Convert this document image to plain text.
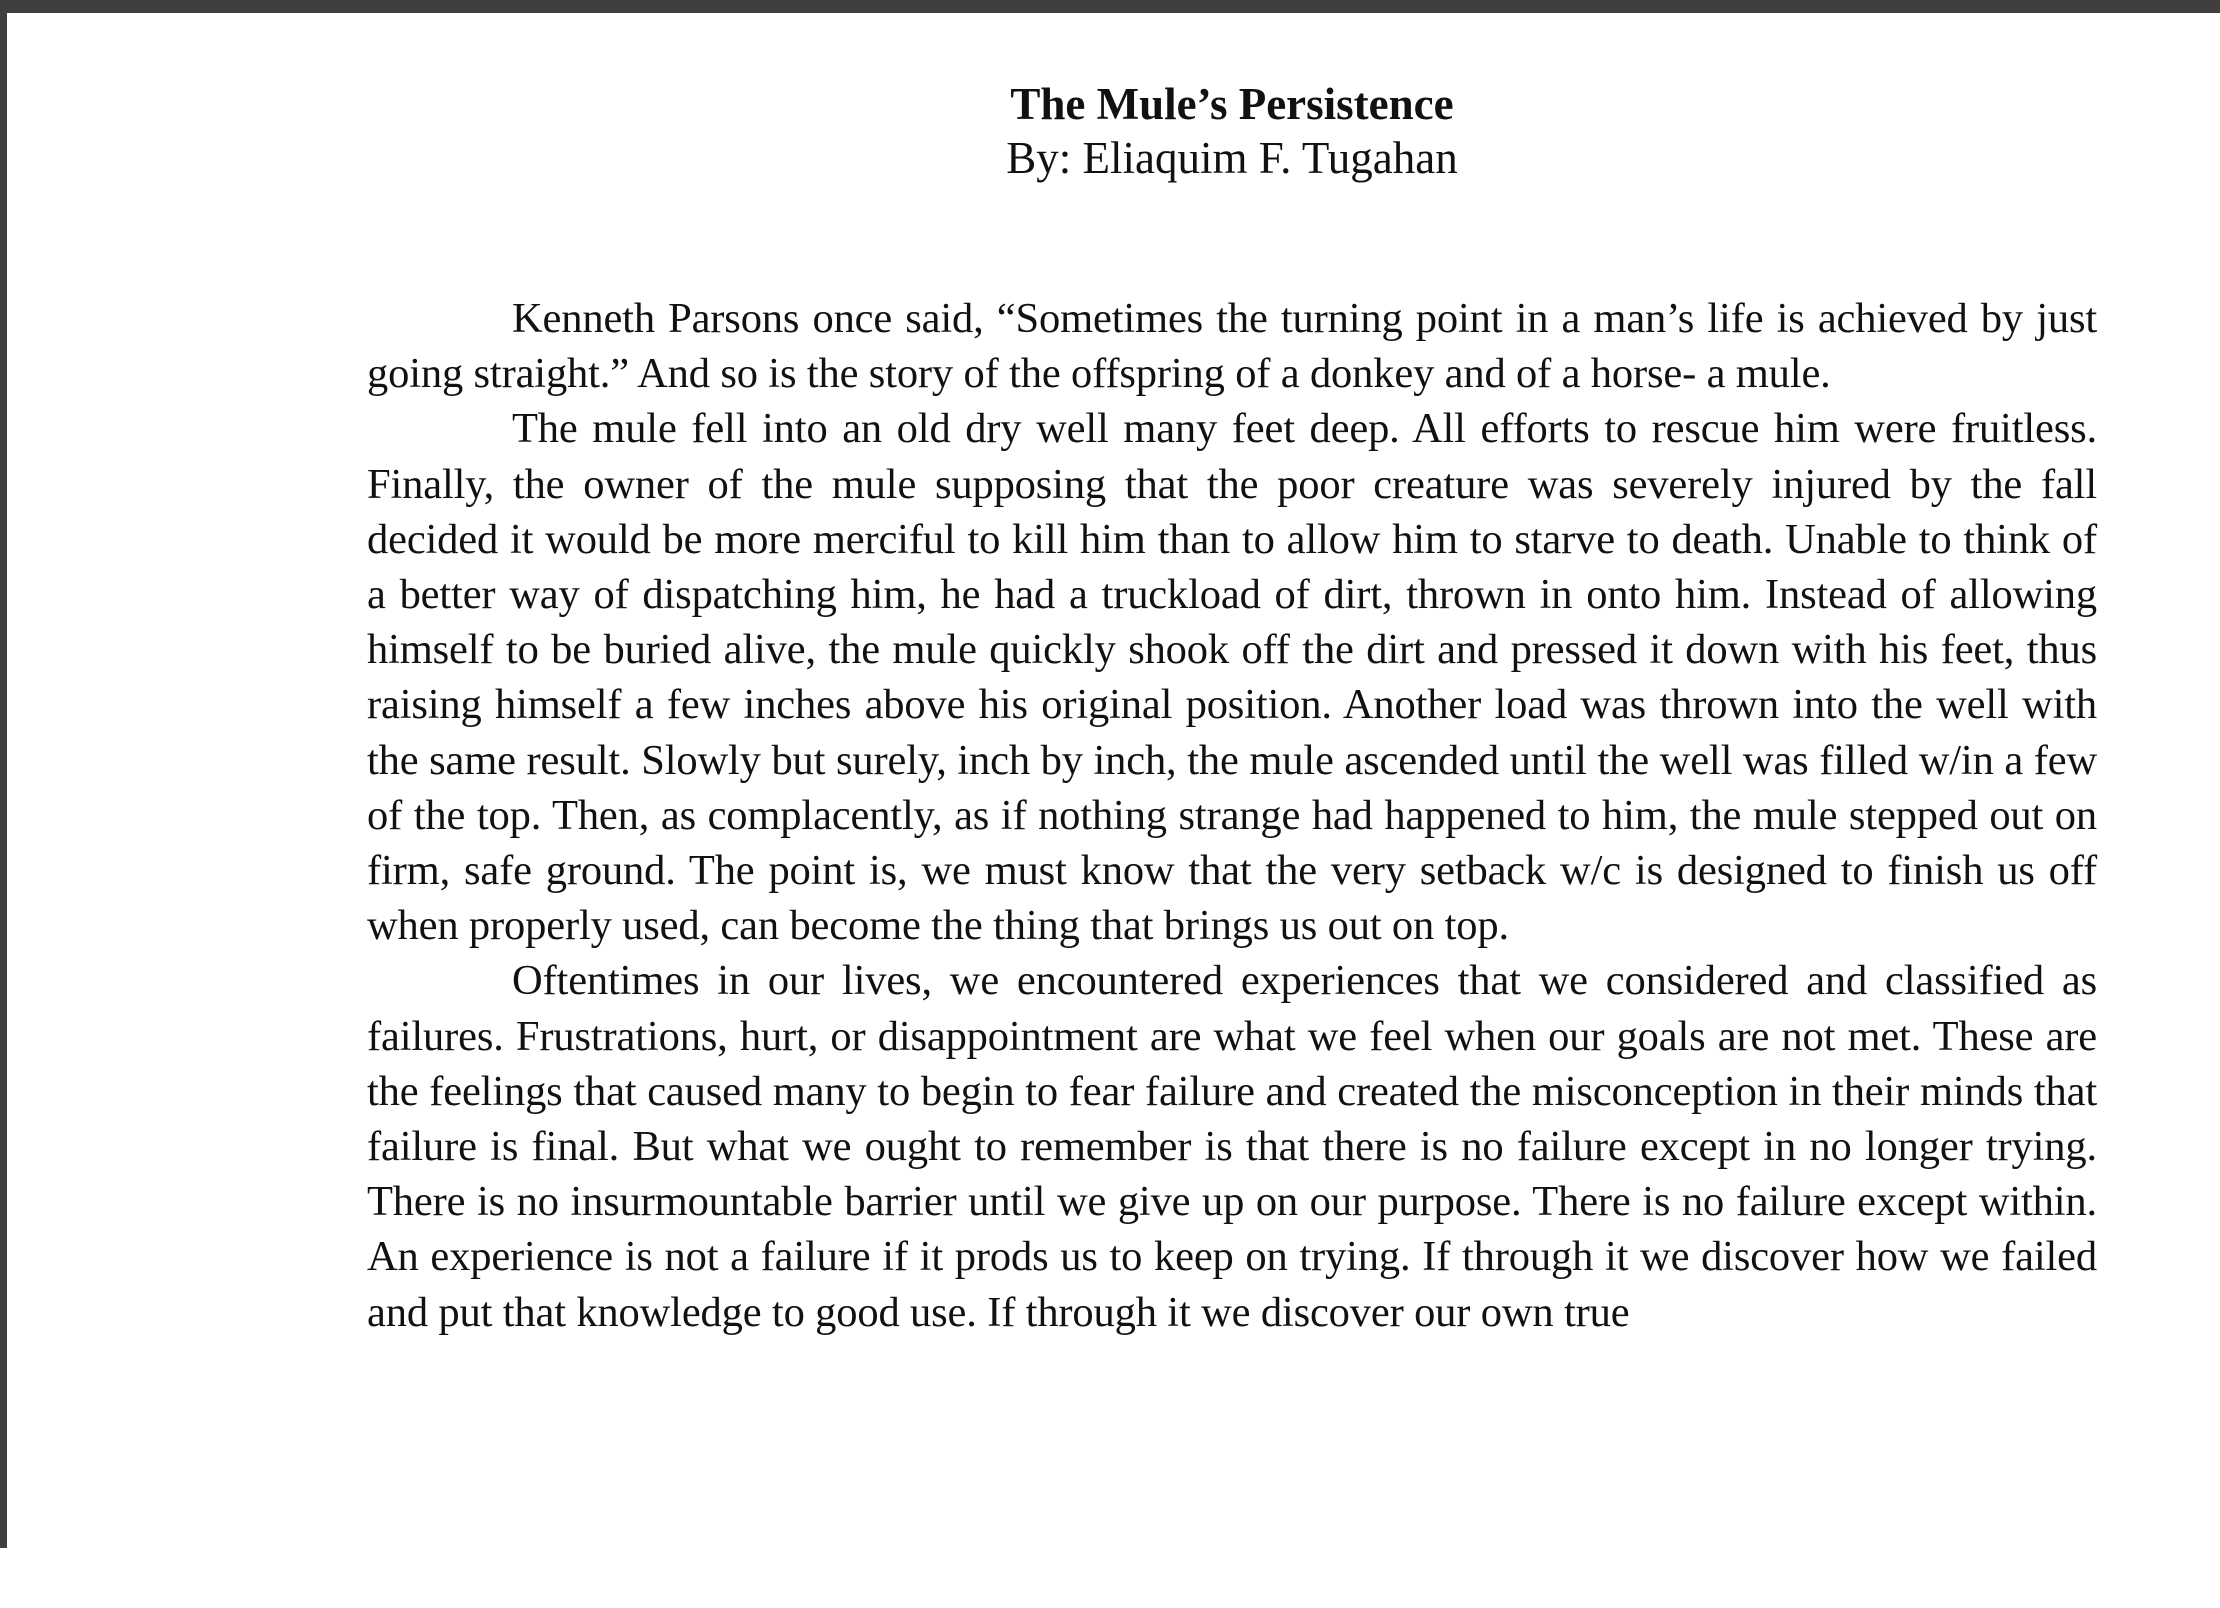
The Mule’s Persistence
By: Eliaquim F. Tugahan

Kenneth Parsons once said, “Sometimes the turning point in a man’s life is achieved by just going straight.” And so is the story of the offspring of a donkey and of a horse- a mule.

The mule fell into an old dry well many feet deep. All efforts to rescue him were fruitless. Finally, the owner of the mule supposing that the poor creature was severely injured by the fall decided it would be more merciful to kill him than to allow him to starve to death. Unable to think of a better way of dispatching him, he had a truckload of dirt, thrown in onto him. Instead of allowing himself to be buried alive, the mule quickly shook off the dirt and pressed it down with his feet, thus raising himself a few inches above his original position. Another load was thrown into the well with the same result. Slowly but surely, inch by inch, the mule ascended until the well was filled w/in a few of the top. Then, as complacently, as if nothing strange had happened to him, the mule stepped out on firm, safe ground. The point is, we must know that the very setback w/c is designed to finish us off when properly used, can become the thing that brings us out on top.

Oftentimes in our lives, we encountered experiences that we considered and classified as failures. Frustrations, hurt, or disappointment are what we feel when our goals are not met. These are the feelings that caused many to begin to fear failure and created the misconception in their minds that failure is final. But what we ought to remember is that there is no failure except in no longer trying. There is no insurmountable barrier until we give up on our purpose. There is no failure except within. An experience is not a failure if it prods us to keep on trying. If through it we discover how we failed and put that knowledge to good use. If through it we discover our own true
